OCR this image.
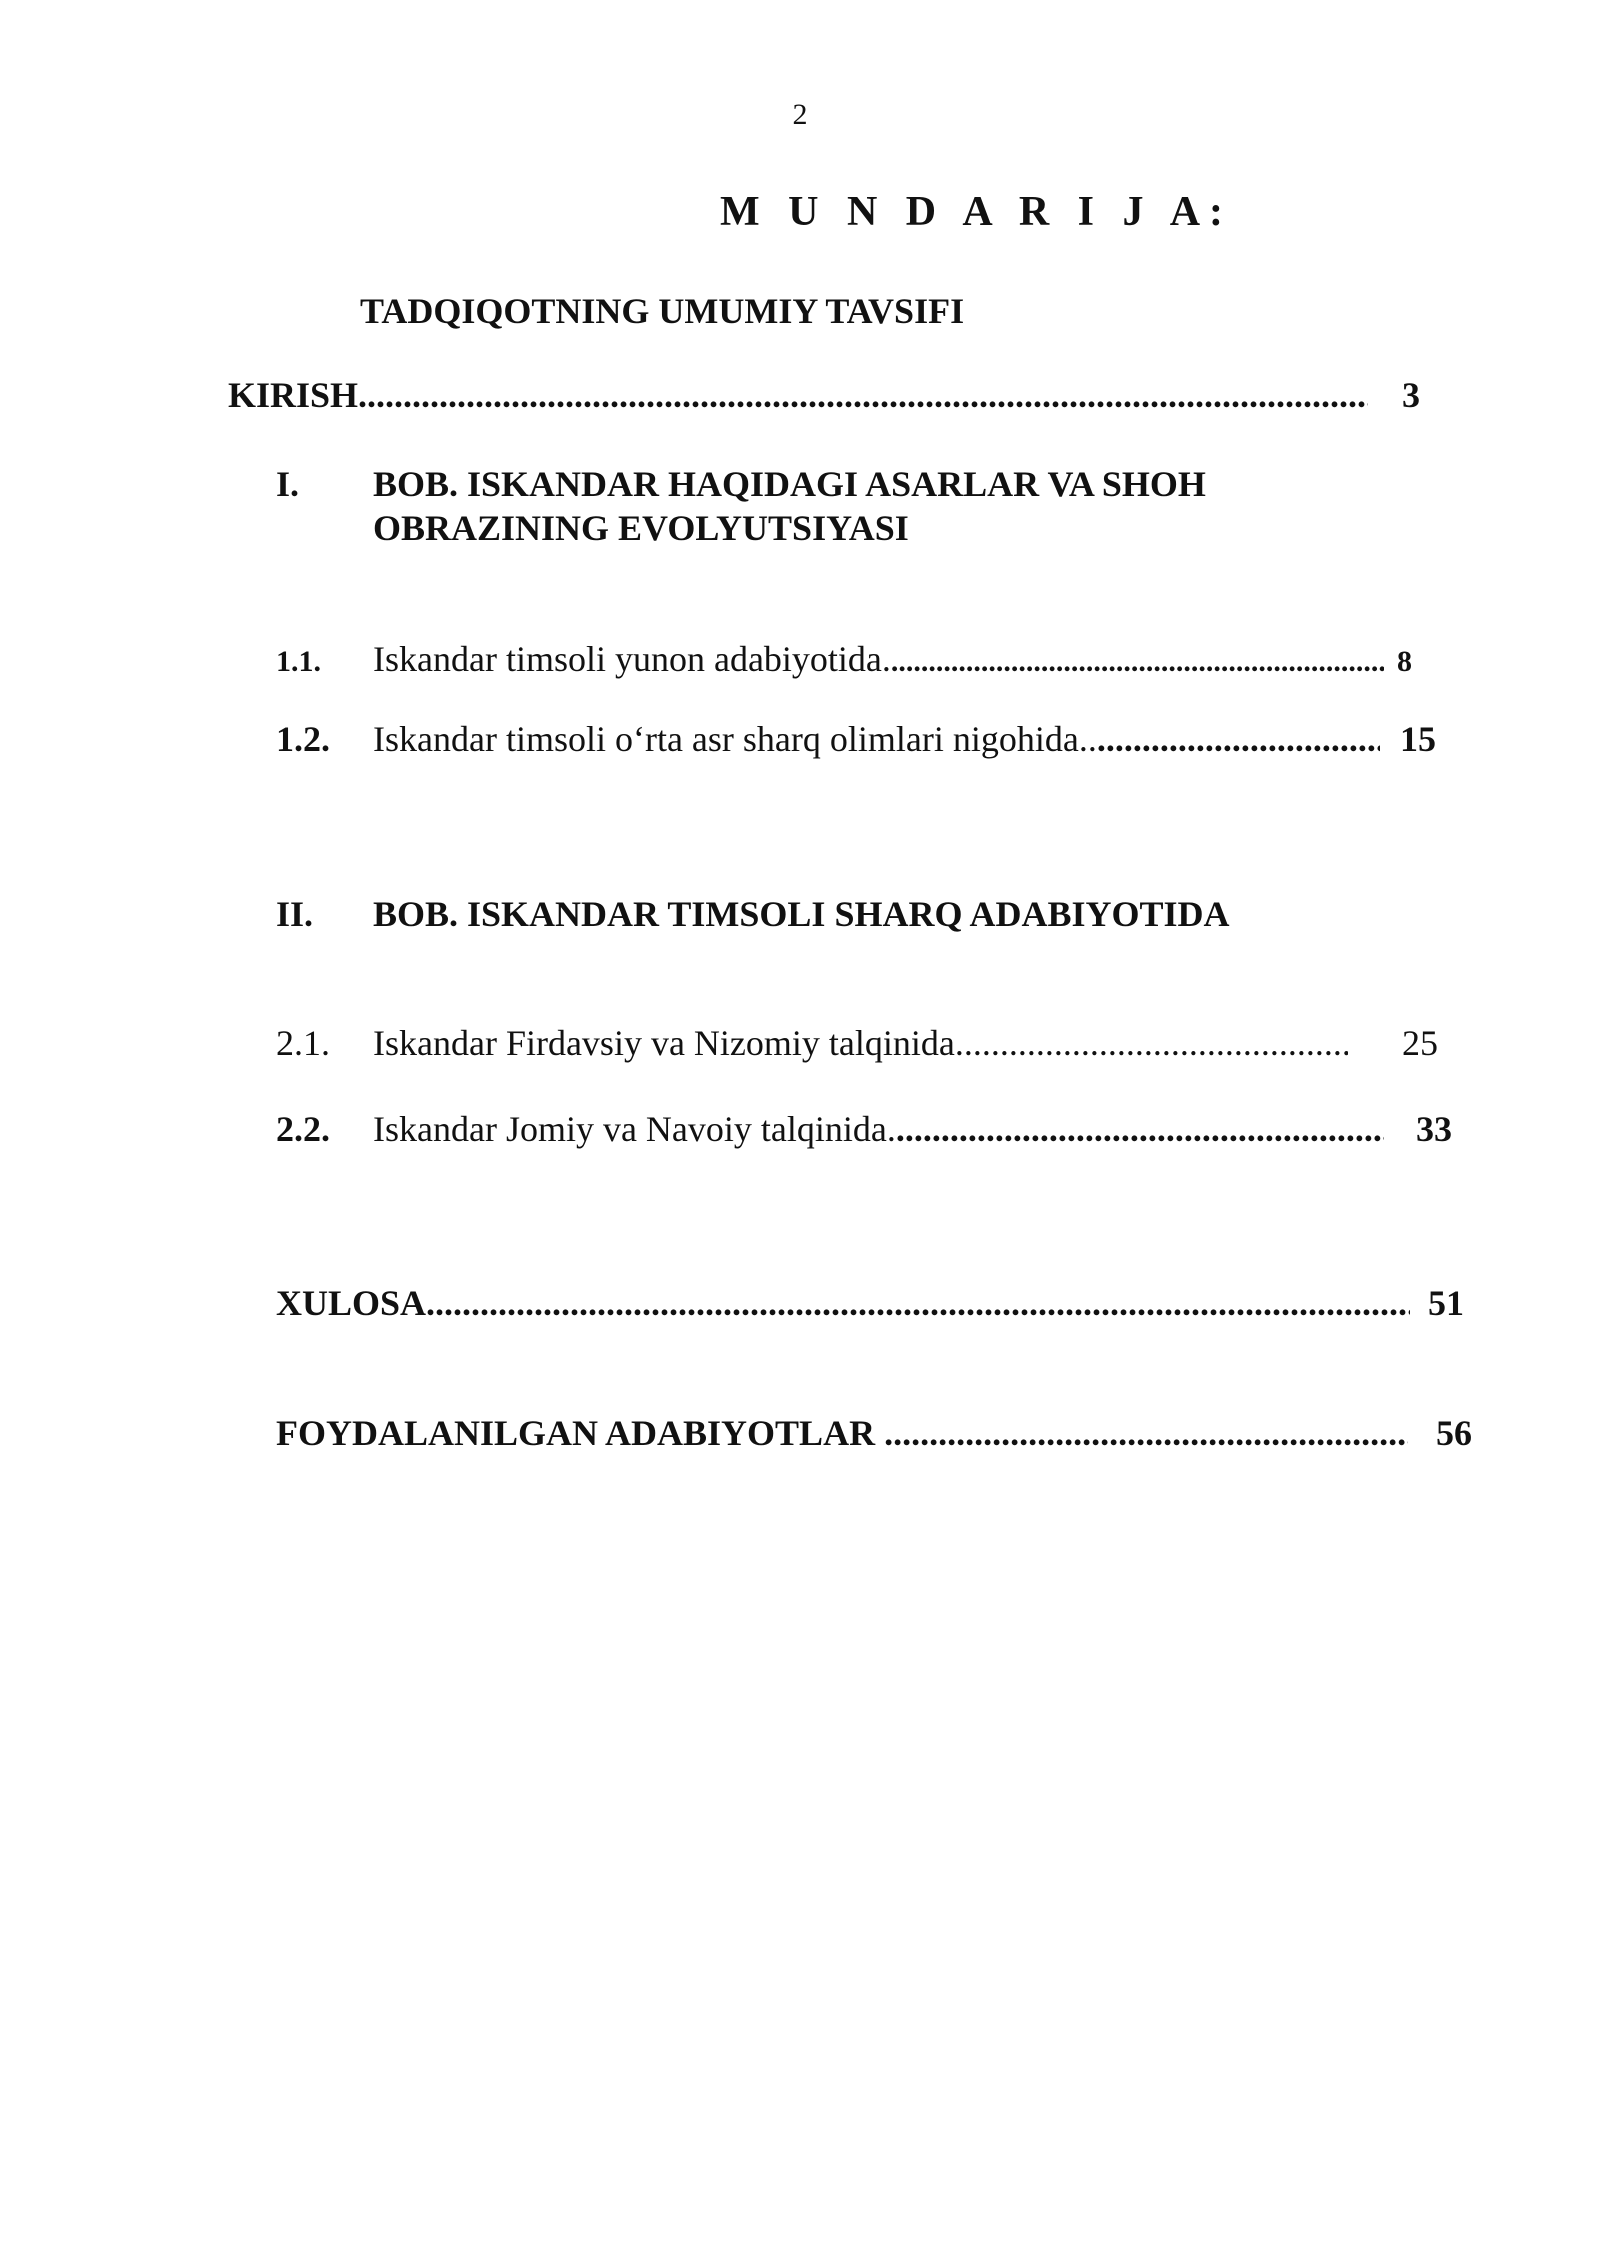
2
M U N D A R I J A:
TADQIQOTNING UMUMIY TAVSIFI
KIRISH .....	3
I.	BOB. ISKANDAR HAQIDAGI ASARLAR VA SHOH OBRAZINING EVOLYUTSIYASI
1.1.	Iskandar timsoli yunon adabiyotida. .....	8
1.2.	Iskandar timsoli o‘rta asr sharq olimlari nigohida.. .....	15
II.	BOB. ISKANDAR TIMSOLI SHARQ ADABIYOTIDA
2.1.	Iskandar Firdavsiy va Nizomiy talqinida .....	25
2.2.	Iskandar Jomiy va Navoiy talqinida. .....	33
XULOSA .....	51
FOYDALANILGAN ADABIYOTLAR .....	56
